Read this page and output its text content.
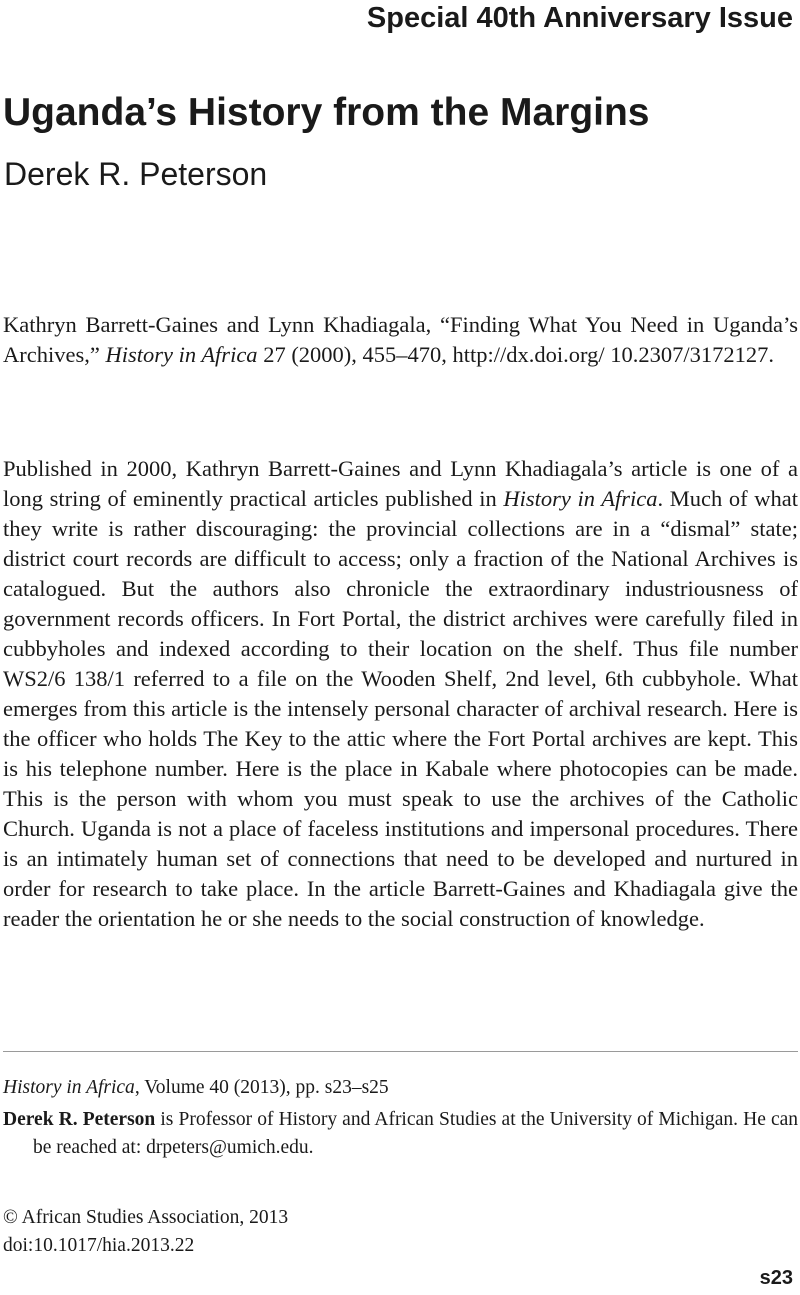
Special 40th Anniversary Issue
Uganda’s History from the Margins
Derek R. Peterson
Kathryn Barrett-Gaines and Lynn Khadiagala, “Finding What You Need in Uganda’s Archives,” History in Africa 27 (2000), 455–470, http://dx.doi.org/ 10.2307/3172127.
Published in 2000, Kathryn Barrett-Gaines and Lynn Khadiagala’s article is one of a long string of eminently practical articles published in History in Africa. Much of what they write is rather discouraging: the provincial collections are in a “dismal” state; district court records are difficult to access; only a fraction of the National Archives is catalogued. But the authors also chronicle the extraordinary industriousness of government records officers. In Fort Portal, the district archives were carefully filed in cubbyholes and indexed according to their location on the shelf. Thus file number WS2/6 138/1 referred to a file on the Wooden Shelf, 2nd level, 6th cubbyhole. What emerges from this article is the intensely personal character of archival research. Here is the officer who holds The Key to the attic where the Fort Portal archives are kept. This is his telephone number. Here is the place in Kabale where photocopies can be made. This is the person with whom you must speak to use the archives of the Catholic Church. Uganda is not a place of faceless institutions and impersonal procedures. There is an intimately human set of connections that need to be developed and nurtured in order for research to take place. In the article Barrett-Gaines and Khadiagala give the reader the orientation he or she needs to the social construction of knowledge.
History in Africa, Volume 40 (2013), pp. s23–s25
Derek R. Peterson is Professor of History and African Studies at the University of Michigan. He can be reached at: drpeters@umich.edu.
© African Studies Association, 2013
doi:10.1017/hia.2013.22
s23
